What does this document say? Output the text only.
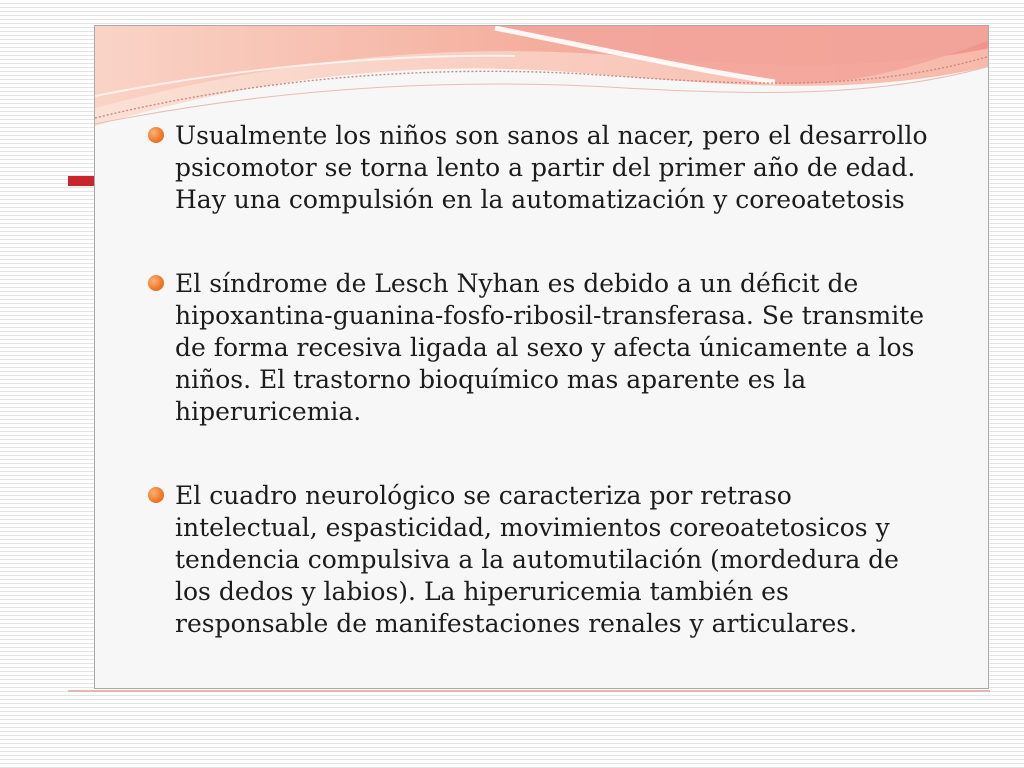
Usualmente los niños son sanos al nacer, pero el desarrollo psicomotor se torna lento a partir del primer año de edad. Hay una compulsión en la automatización y coreoatetosis
El síndrome de Lesch Nyhan es debido a un déficit de hipoxantina-guanina-fosfo-ribosil-transferasa. Se transmite de forma recesiva ligada al sexo y afecta únicamente a los niños. El trastorno bioquímico mas aparente es la hiperuricemia.
El cuadro neurológico se caracteriza por retraso intelectual, espasticidad, movimientos coreoatetosicos y tendencia compulsiva a la automutilación (mordedura de los dedos y labios). La hiperuricemia también es responsable de manifestaciones renales y articulares.
